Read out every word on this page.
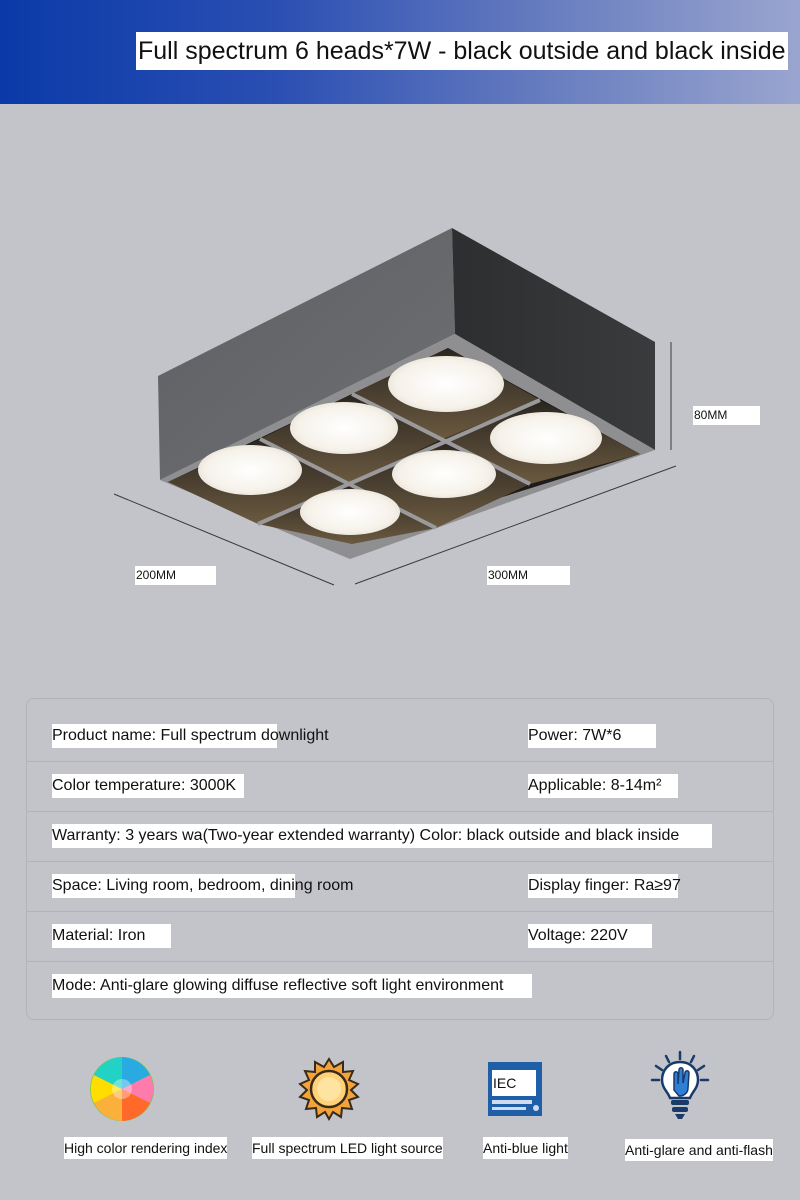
Full spectrum 6 heads*7W - black outside and black inside
80MM
200MM	300MM
Product name: Full spectrum downlight	Power: 7W*6
Color temperature: 3000K	Applicable: 8-14m²
Warranty: 3 years wa(Two-year extended warranty) Color: black outside and black inside
Space: Living room, bedroom, dining room	Display finger: Ra≥97
Material: Iron	Voltage: 220V
Mode: Anti-glare glowing diffuse reflective soft light environment
High color rendering index Full spectrum LED light source
IEC
Anti-blue light	Anti-glare and anti-flash
